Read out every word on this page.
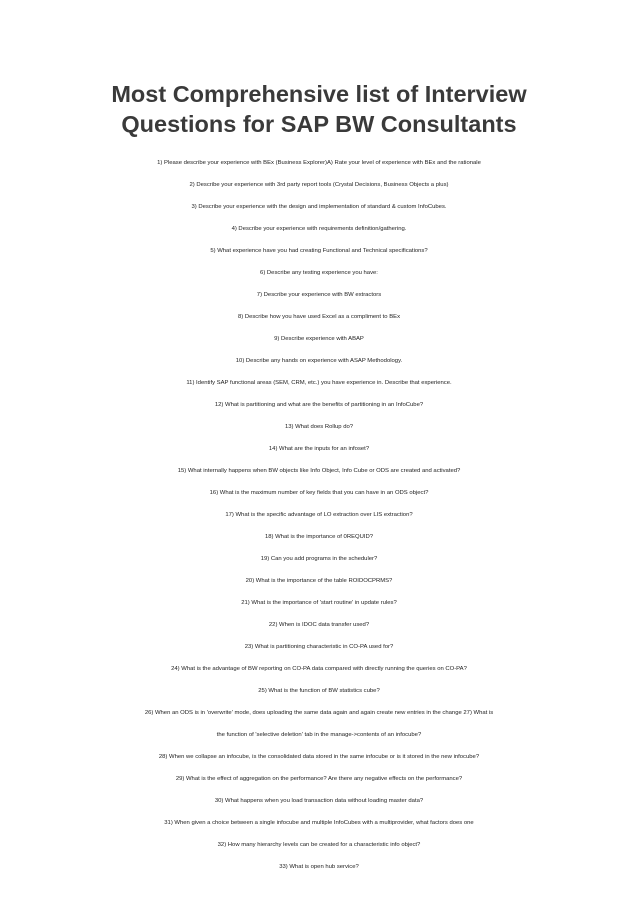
Most Comprehensive list of Interview
Questions for SAP BW Consultants
1) Please describe your experience with BEx (Business Explorer)A) Rate your level of experience with BEx and the rationale
2) Describe your experience with 3rd party report tools (Crystal Decisions, Business Objects a plus)
3) Describe your experience with the design and implementation of standard & custom InfoCubes.
4) Describe your experience with requirements definition/gathering.
5) What experience have you had creating Functional and Technical specifications?
6) Describe any testing experience you have:
7) Describe your experience with BW extractors
8) Describe how you have used Excel as a compliment to BEx
9) Describe experience with ABAP
10) Describe any hands on experience with ASAP Methodology.
11) Identify SAP functional areas (SEM, CRM, etc.) you have experience in. Describe that experience.
12) What is partitioning and what are the benefits of partitioning in an InfoCube?
13) What does Rollup do?
14) What are the inputs for an infoset?
15) What internally happens when BW objects like Info Object, Info Cube or ODS are created and activated?
16) What is the maximum number of key fields that you can have in an ODS object?
17) What is the specific advantage of LO extraction over LIS extraction?
18) What is the importance of 0REQUID?
19) Can you add programs in the scheduler?
20) What is the importance of the table ROIDOCPRMS?
21) What is the importance of 'start routine' in update rules?
22) When is IDOC data transfer used?
23) What is partitioning characteristic in CO-PA used for?
24) What is the advantage of BW reporting on CO-PA data compared with directly running the queries on CO-PA?
25) What is the function of BW statistics cube?
26) When an ODS is in 'overwrite' mode, does uploading the same data again and again create new entries in the change 27) What is
the function of 'selective deletion' tab in the manage->contents of an infocube?
28) When we collapse an infocube, is the consolidated data stored in the same infocube or is it stored in the new infocube?
29) What is the effect of aggregation on the performance? Are there any negative effects on the performance?
30) What happens when you load transaction data without loading master data?
31) When given a choice between a single infocube and multiple InfoCubes with a multiprovider, what factors does one
32) How many hierarchy levels can be created for a characteristic info object?
33) What is open hub service?
